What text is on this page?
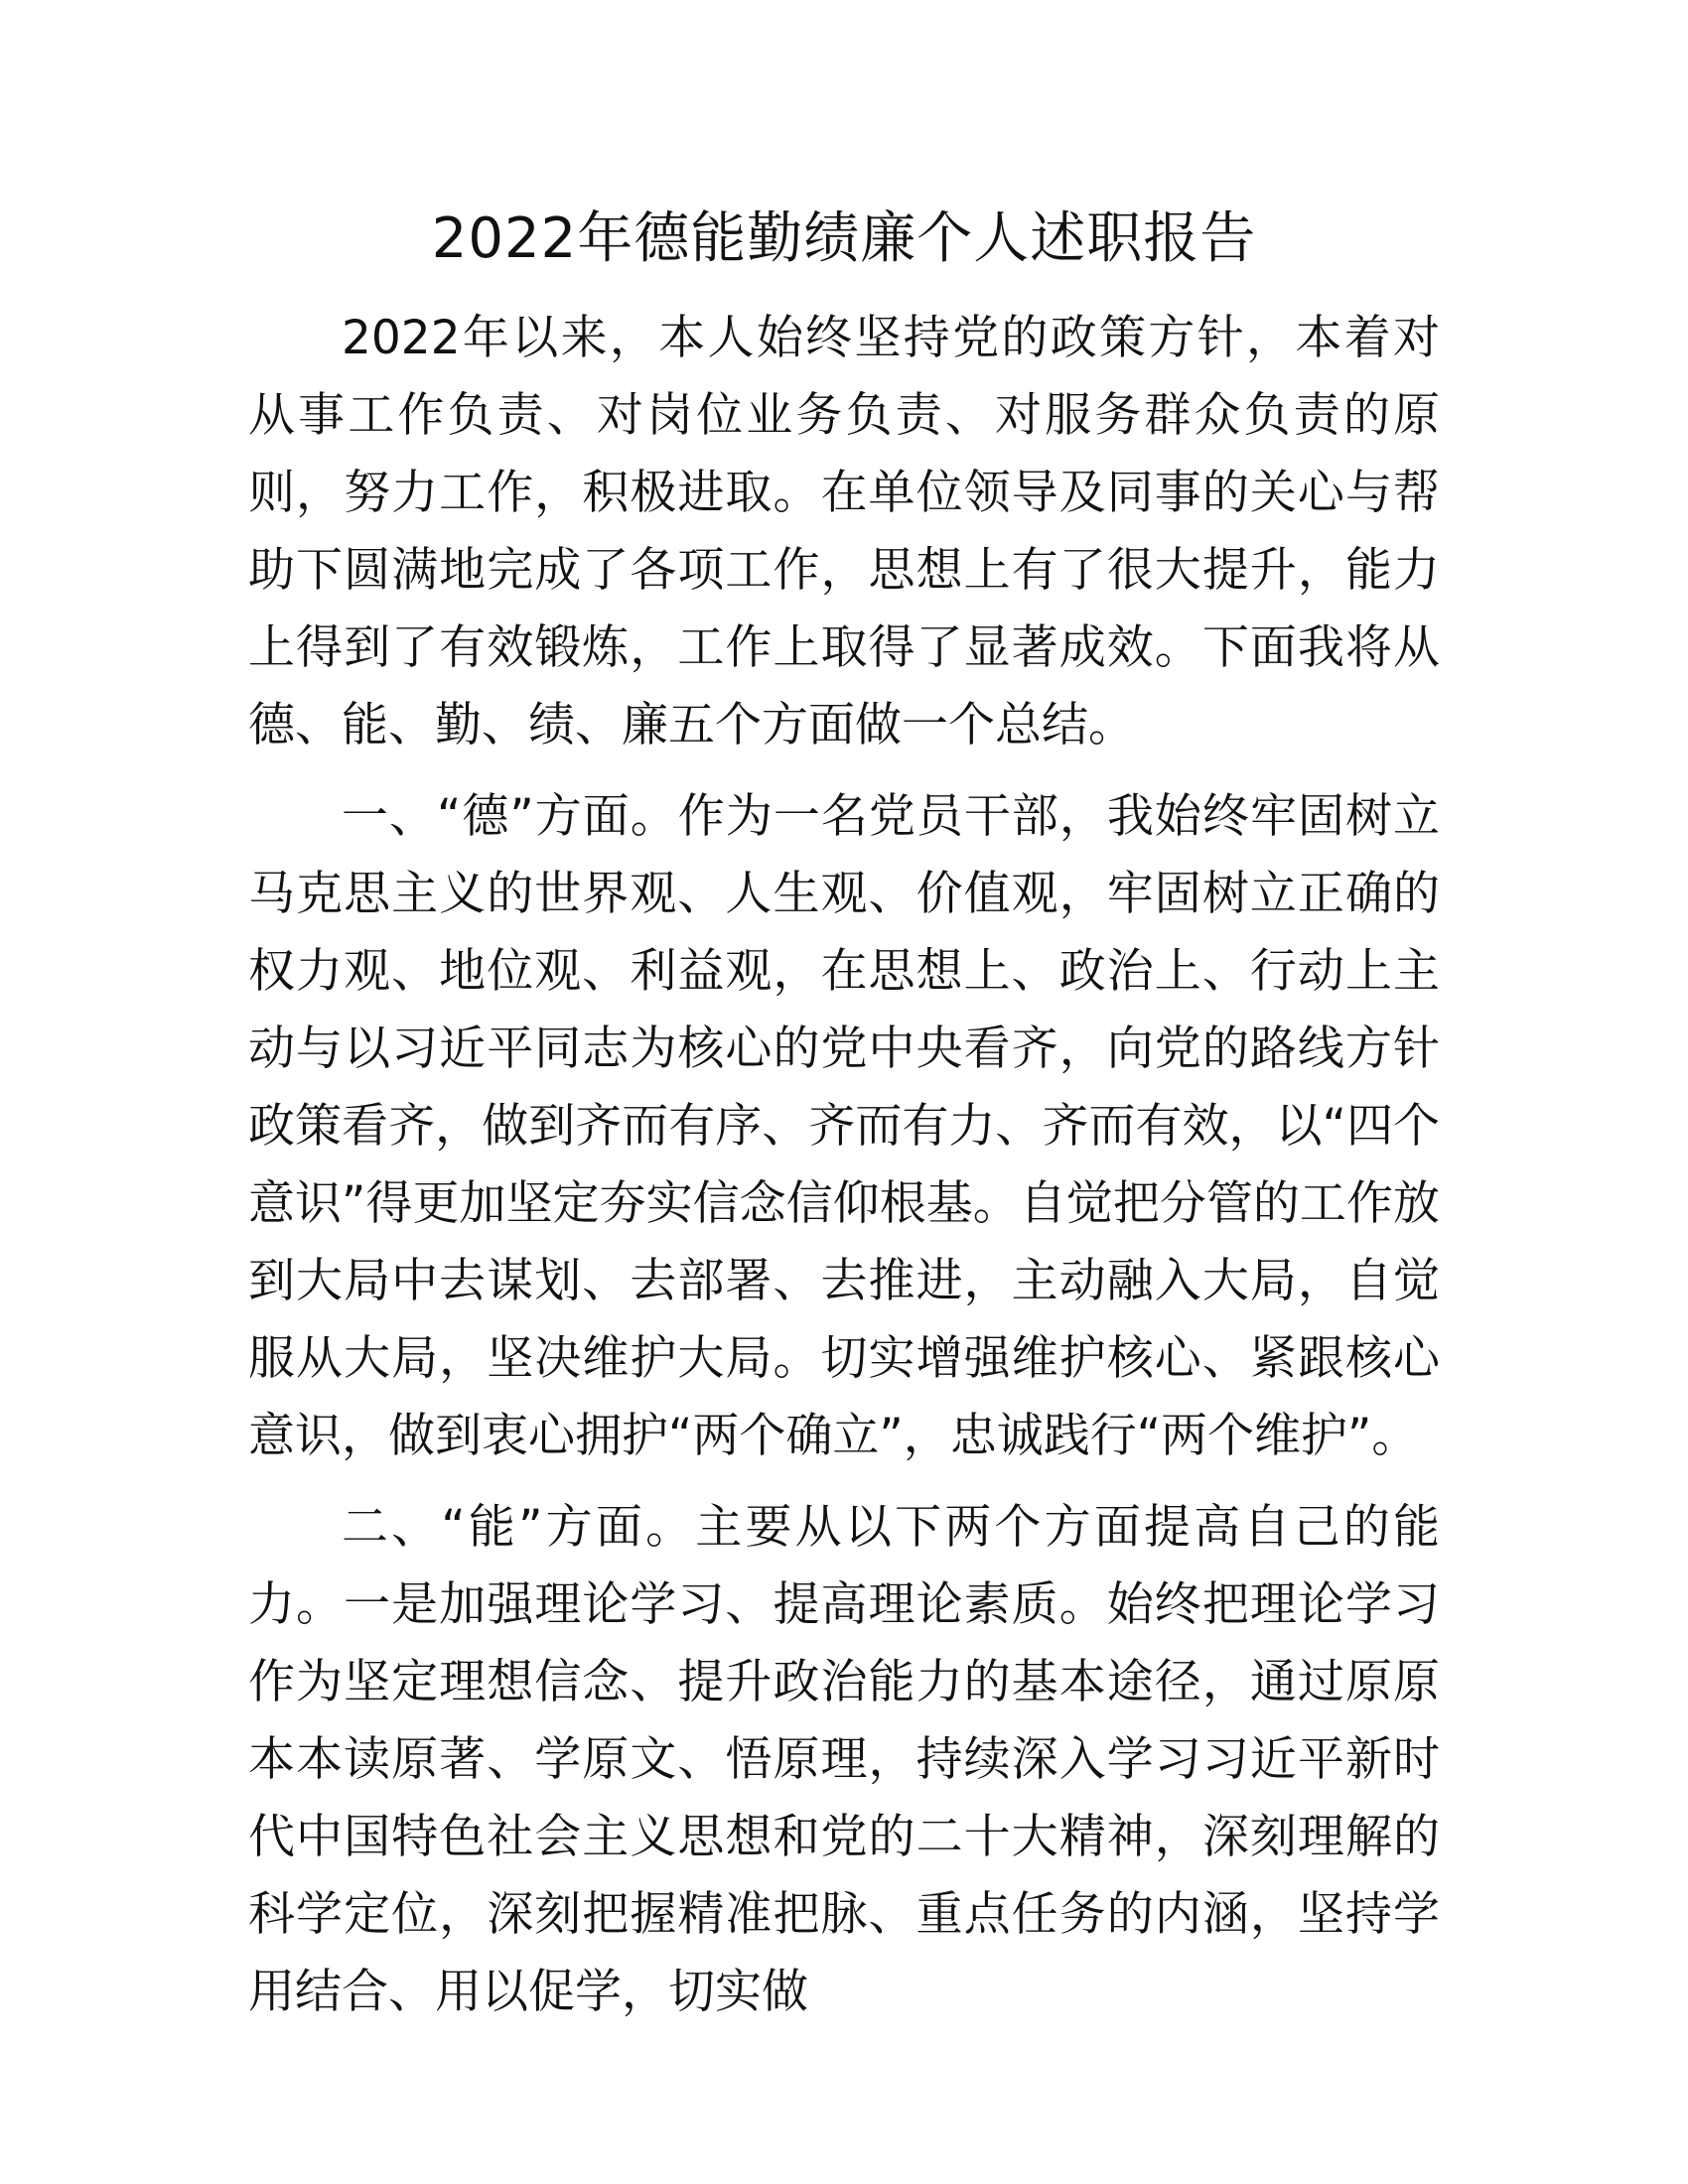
2022年德能勤绩廉个人述职报告

2022年以来，本人始终坚持党的政策方针，本着对从事工作负责、对岗位业务负责、对服务群众负责的原则，努力工作，积极进取。在单位领导及同事的关心与帮助下圆满地完成了各项工作，思想上有了很大提升，能力上得到了有效锻炼，工作上取得了显著成效。下面我将从德、能、勤、绩、廉五个方面做一个总结。

一、“德”方面。作为一名党员干部，我始终牢固树立马克思主义的世界观、人生观、价值观，牢固树立正确的权力观、地位观、利益观，在思想上、政治上、行动上主动与以习近平同志为核心的党中央看齐，向党的路线方针政策看齐，做到齐而有序、齐而有力、齐而有效，以“四个意识”得更加坚定夯实信念信仰根基。自觉把分管的工作放到大局中去谋划、去部署、去推进，主动融入大局，自觉服从大局，坚决维护大局。切实增强维护核心、紧跟核心意识，做到衷心拥护“两个确立”，忠诚践行“两个维护”。

二、“能”方面。主要从以下两个方面提高自己的能力。一是加强理论学习、提高理论素质。始终把理论学习作为坚定理想信念、提升政治能力的基本途径，通过原原本本读原著、学原文、悟原理，持续深入学习习近平新时代中国特色社会主义思想和党的二十大精神，深刻理解的科学定位，深刻把握精准把脉、重点任务的内涵，坚持学用结合、用以促学，切实做
